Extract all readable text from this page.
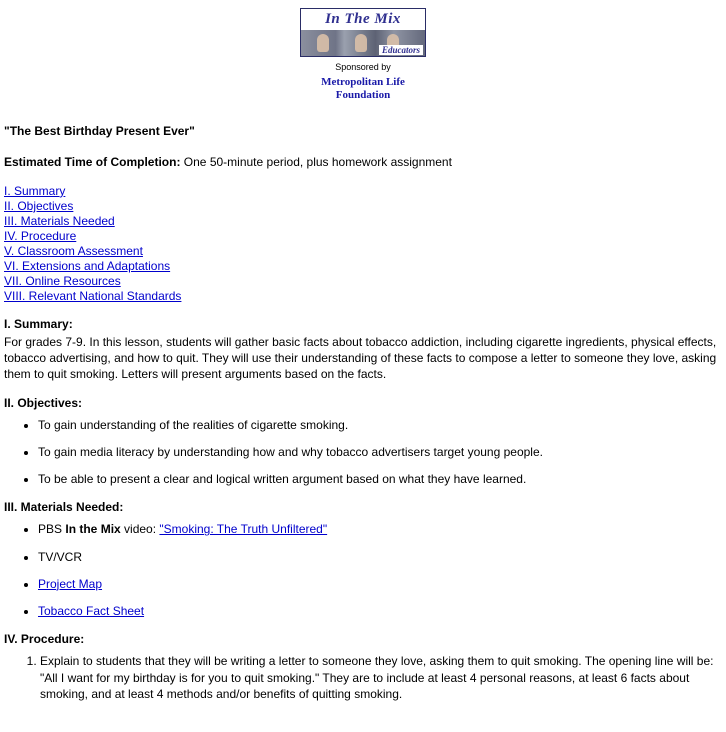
In The Mix
Educators
Sponsored by
Metropolitan Life
Foundation
"The Best Birthday Present Ever"

Estimated Time of Completion: One 50-minute period, plus homework assignment

I. Summary
II. Objectives
III. Materials Needed
IV. Procedure
V. Classroom Assessment
VI. Extensions and Adaptations
VII. Online Resources
VIII. Relevant National Standards
I. Summary:

For grades 7-9. In this lesson, students will gather basic facts about tobacco addiction, including cigarette ingredients, physical effects, tobacco advertising, and how to quit. They will use their understanding of these facts to compose a letter to someone they love, asking them to quit smoking. Letters will present arguments based on the facts.

II. Objectives:
• To gain understanding of the realities of cigarette smoking.
• To gain media literacy by understanding how and why tobacco advertisers target young people.
• To be able to present a clear and logical written argument based on what they have learned.
III. Materials Needed:
• PBS In the Mix video: "Smoking: The Truth Unfiltered"
• TV/VCR
• Project Map
• Tobacco Fact Sheet
IV. Procedure:
1. Explain to students that they will be writing a letter to someone they love, asking them to quit smoking. The opening line will be: "All I want for my birthday is for you to quit smoking." They are to include at least 4 personal reasons, at least 6 facts about smoking, and at least 4 methods and/or benefits of quitting smoking.
